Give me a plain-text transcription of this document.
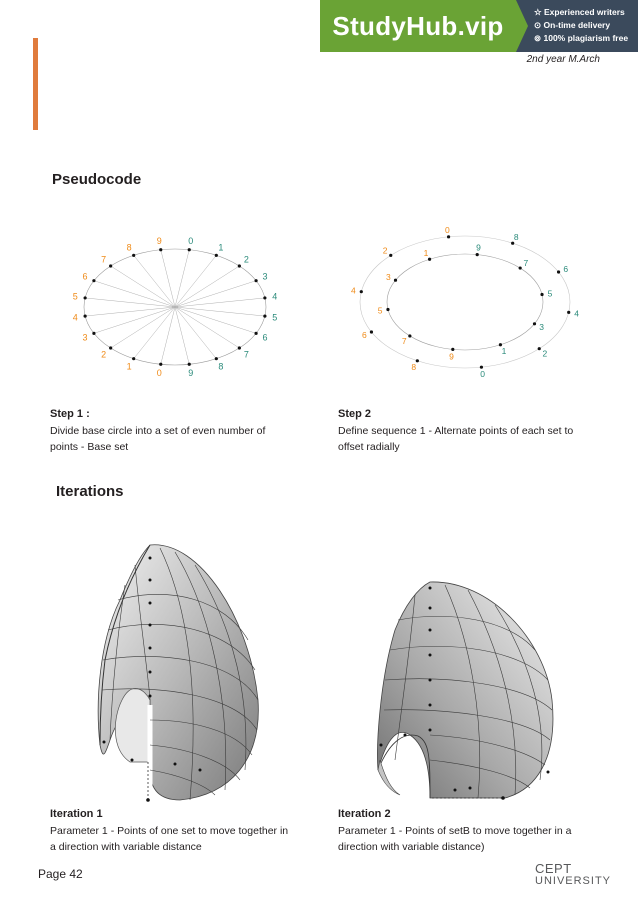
StudyHub.vip	☆ Experienced writers
⊙ On-time delivery
⊚ 100% plagiarism free
2nd year M.Arch
Pseudocode
0
1
2
3
4
5
6
7
8
9	0
1
2
3
4
5
6
7
8
9
0
1
2
3
4
5
6
7
8
9
0
1	2
3
4
5
6
7
8
9
Step 1 :
Divide base circle into a set of even number of points - Base set
Step 2
Define sequence 1 - Alternate points of each set to offset radially
Iterations
Iteration 1
Parameter 1 - Points of one set to move together in a direction with variable distance
Iteration 2
Parameter 1 - Points of setB to move together in a direction with variable distance)
Page 42	CEPT
UNIVERSITY
